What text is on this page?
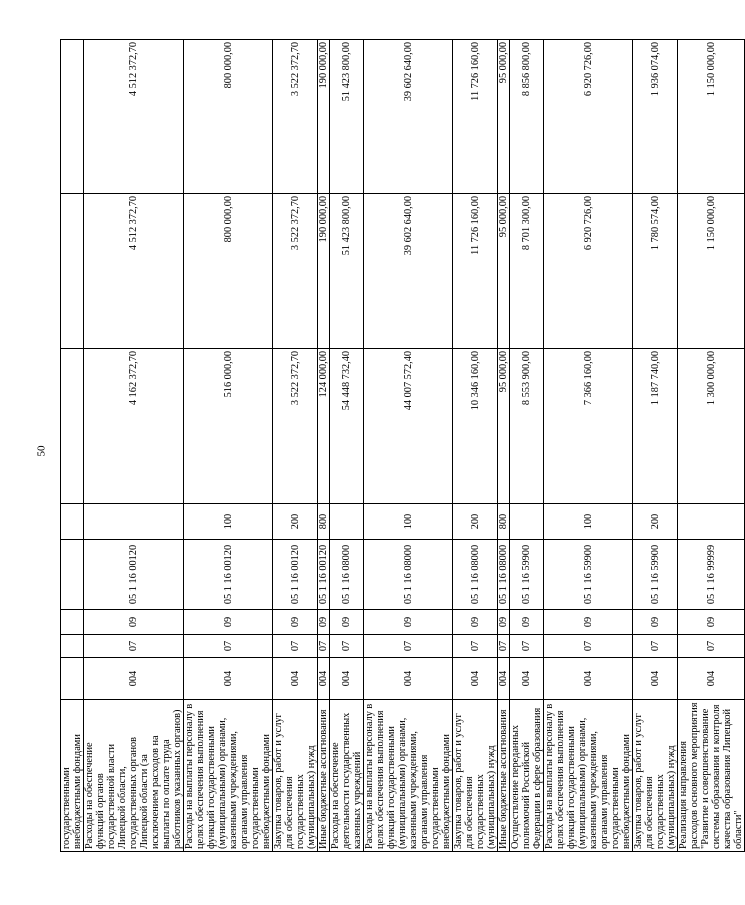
50
государственными внебюджетными фондами								
Расходы на обеспечение функций органов государственной власти Липецкой области, государственных органов Липецкой области (за исключением расходов на выплаты по оплате труда работников указанных органов)	004	07	09	05 1 16 00120		4 162 372,70	4 512 372,70	4 512 372,70
Расходы на выплаты персоналу в целях обеспечения выполнения функций государственными (муниципальными) органами, казенными учреждениями, органами управления государственными внебюджетными фондами	004	07	09	05 1 16 00120	100	516 000,00	800 000,00	800 000,00
Закупка товаров, работ и услуг для обеспечения государственных (муниципальных) нужд	004	07	09	05 1 16 00120	200	3 522 372,70	3 522 372,70	3 522 372,70
Иные бюджетные ассигнования	004	07	09	05 1 16 00120	800	124 000,00	190 000,00	190 000,00
Расходы на обеспечение деятельности государственных казенных учреждений	004	07	09	05 1 16 08000		54 448 732,40	51 423 800,00	51 423 800,00
Расходы на выплаты персоналу в целях обеспечения выполнения функций государственными (муниципальными) органами, казенными учреждениями, органами управления государственными внебюджетными фондами	004	07	09	05 1 16 08000	100	44 007 572,40	39 602 640,00	39 602 640,00
Закупка товаров, работ и услуг для обеспечения государственных (муниципальных) нужд	004	07	09	05 1 16 08000	200	10 346 160,00	11 726 160,00	11 726 160,00
Иные бюджетные ассигнования	004	07	09	05 1 16 08000	800	95 000,00	95 000,00	95 000,00
Осуществление переданных полномочий Российской Федерации в сфере образования	004	07	09	05 1 16 59900		8 553 900,00	8 701 300,00	8 856 800,00
Расходы на выплаты персоналу в целях обеспечения выполнения функций государственными (муниципальными) органами, казенными учреждениями, органами управления государственными внебюджетными фондами	004	07	09	05 1 16 59900	100	7 366 160,00	6 920 726,00	6 920 726,00
Закупка товаров, работ и услуг для обеспечения государственных (муниципальных) нужд	004	07	09	05 1 16 59900	200	1 187 740,00	1 780 574,00	1 936 074,00
Реализация направления расходов основного мероприятия "Развитие и совершенствование системы образования и контроля качества образования Липецкой области"	004	07	09	05 1 16 99999		1 300 000,00	1 150 000,00	1 150 000,00
